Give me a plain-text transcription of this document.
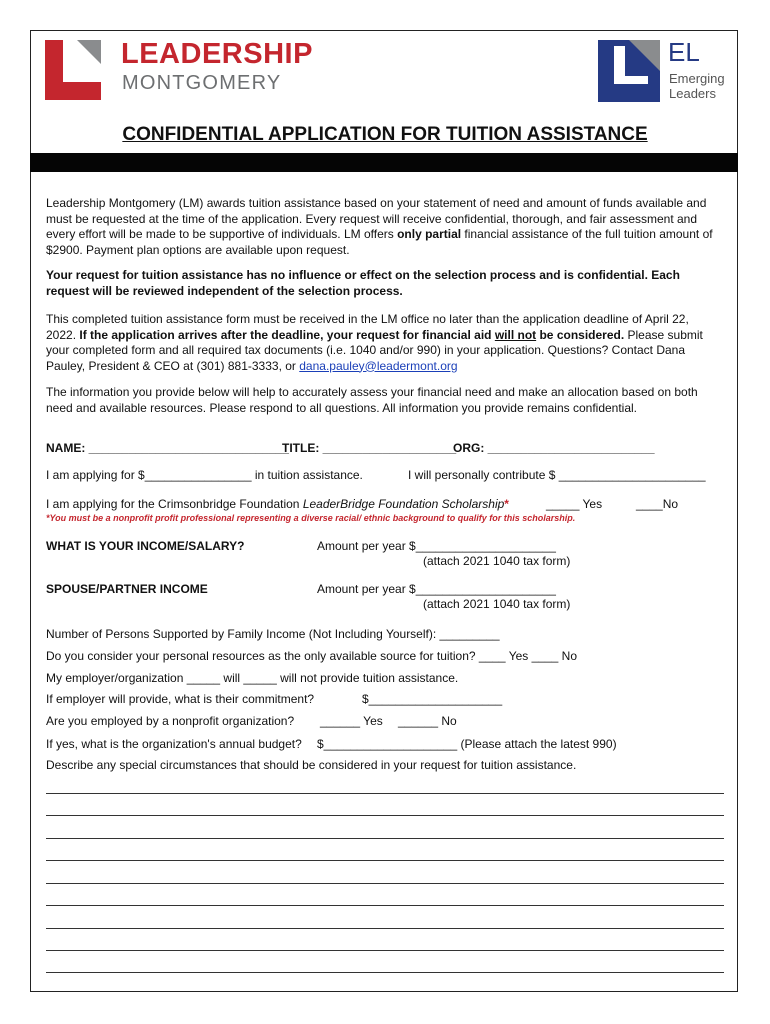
LEADERSHIP
MONTGOMERY
EL
Emerging
Leaders
CONFIDENTIAL APPLICATION FOR TUITION ASSISTANCE
Leadership Montgomery (LM) awards tuition assistance based on your statement of need and amount of funds available and must be requested at the time of the application. Every request will receive confidential, thorough, and fair assessment and every effort will be made to be supportive of individuals. LM offers only partial financial assistance of the full tuition amount of $2900. Payment plan options are available upon request.
Your request for tuition assistance has no influence or effect on the selection process and is confidential. Each request will be reviewed independent of the selection process.
This completed tuition assistance form must be received in the LM office no later than the application deadline of April 22, 2022. If the application arrives after the deadline, your request for financial aid will not be considered. Please submit your completed form and all required tax documents (i.e. 1040 and/or 990) in your application. Questions? Contact Dana Pauley, President & CEO at (301) 881-3333, or dana.pauley@leadermont.org
The information you provide below will help to accurately assess your financial need and make an allocation based on both need and available resources. Please respond to all questions. All information you provide remains confidential.
NAME: ______________________________
TITLE: ____________________
ORG: _________________________
I am applying for $________________ in tuition assistance.	I will personally contribute $ ______________________
I am applying for the Crimsonbridge Foundation LeaderBridge Foundation Scholarship*	_____ Yes	____No
*You must be a nonprofit profit professional representing a diverse racial/ ethnic background to qualify for this scholarship.
WHAT IS YOUR INCOME/SALARY?	Amount per year $_____________________
(attach 2021 1040 tax form)
SPOUSE/PARTNER INCOME	Amount per year $_____________________
(attach 2021 1040 tax form)
Number of Persons Supported by Family Income (Not Including Yourself): _________
Do you consider your personal resources as the only available source for tuition? ____ Yes ____ No
My employer/organization _____ will _____ will not provide tuition assistance.
If employer will provide, what is their commitment?	$____________________
Are you employed by a nonprofit organization? ______ Yes ______ No
If yes, what is the organization's annual budget? $____________________ (Please attach the latest 990)
Describe any special circumstances that should be considered in your request for tuition assistance.
